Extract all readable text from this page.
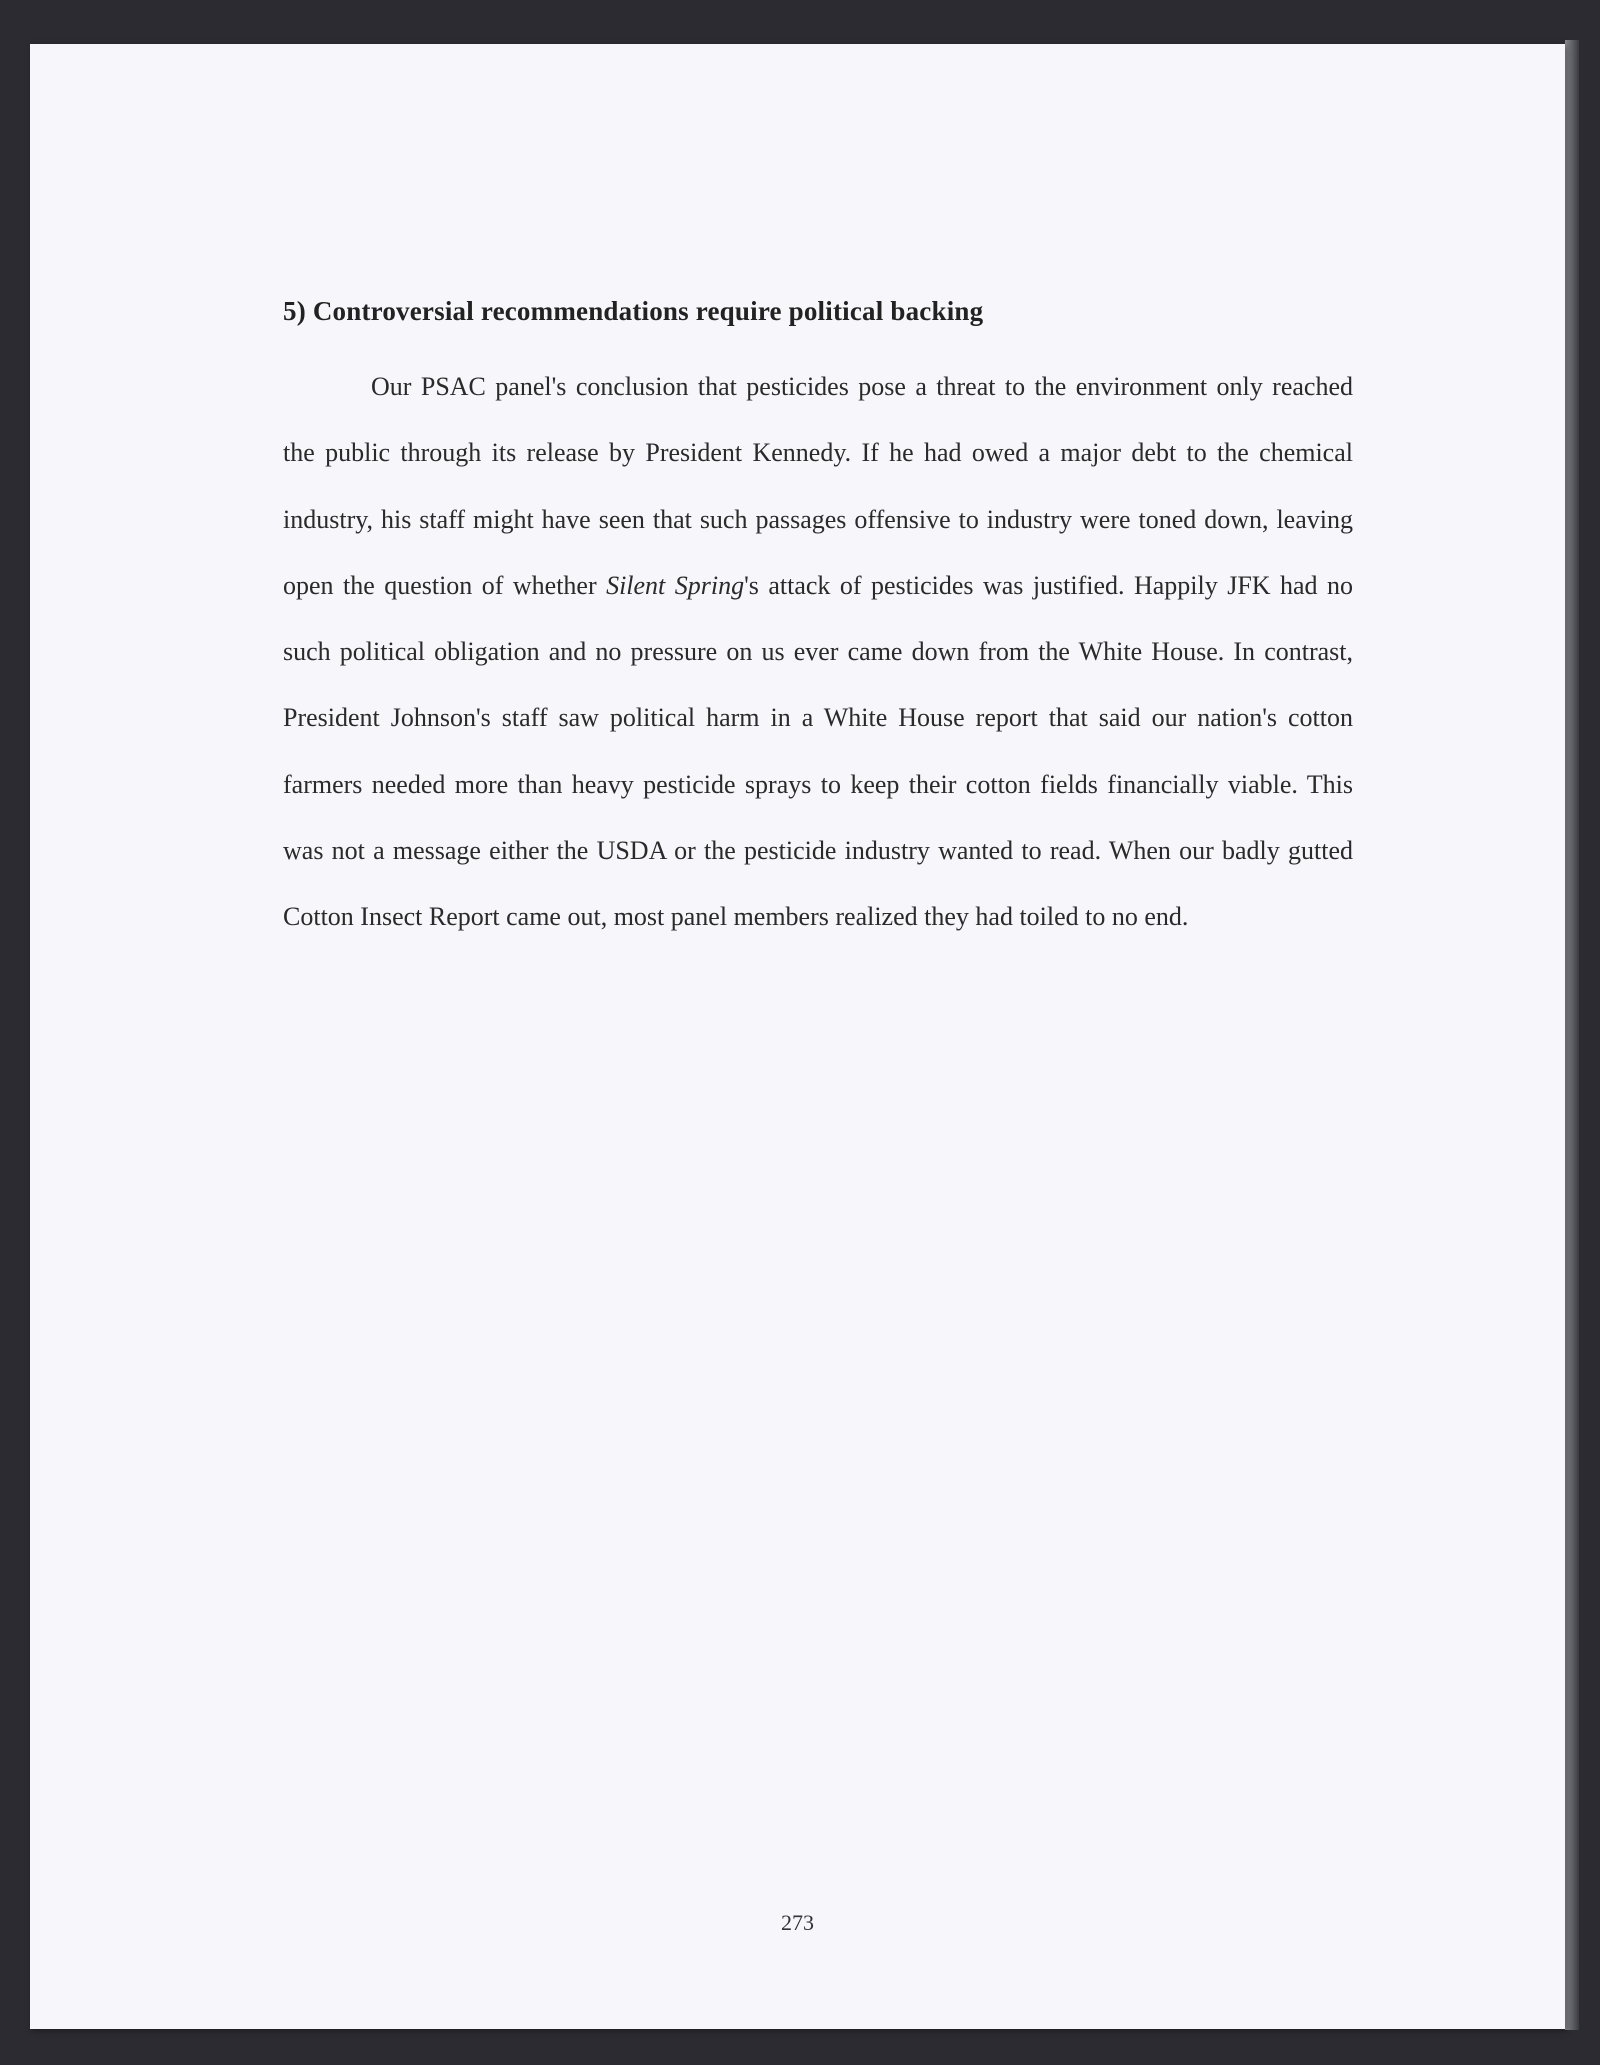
5) Controversial recommendations require political backing

Our PSAC panel's conclusion that pesticides pose a threat to the environment only reached the public through its release by President Kennedy. If he had owed a major debt to the chemical industry, his staff might have seen that such passages offensive to industry were toned down, leaving open the question of whether Silent Spring's attack of pesticides was justified. Happily JFK had no such political obligation and no pressure on us ever came down from the White House. In contrast, President Johnson's staff saw political harm in a White House report that said our nation's cotton farmers needed more than heavy pesticide sprays to keep their cotton fields financially viable. This was not a message either the USDA or the pesticide industry wanted to read. When our badly gutted Cotton Insect Report came out, most panel members realized they had toiled to no end.

273
